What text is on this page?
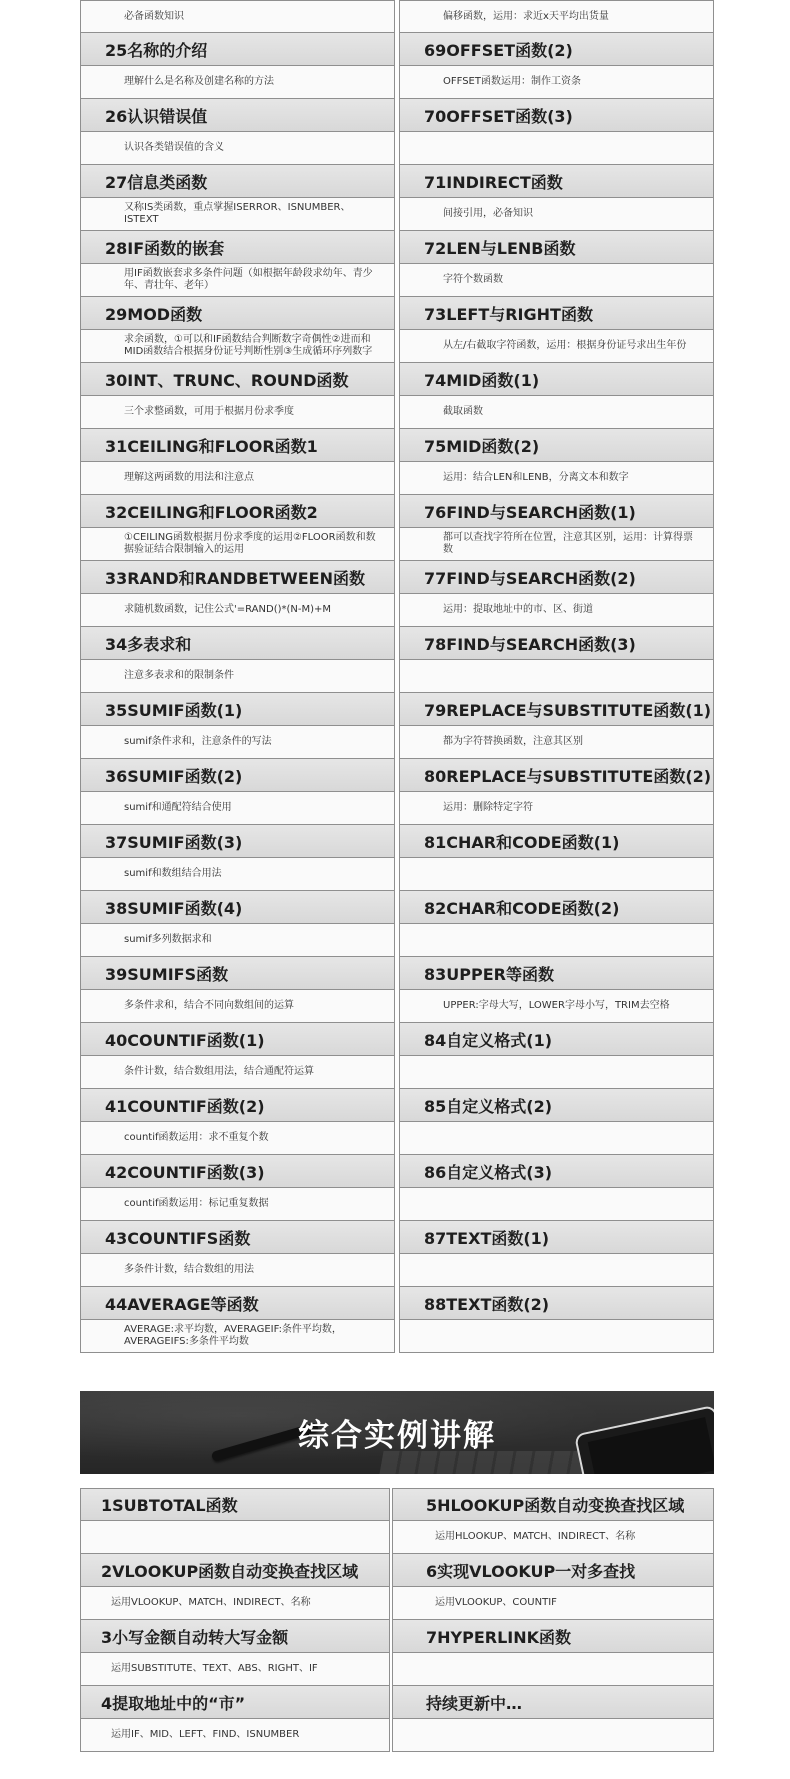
必备函数知识
25名称的介绍
理解什么是名称及创建名称的方法
26认识错误值
认识各类错误值的含义
27信息类函数
又称IS类函数，重点掌握ISERROR、ISNUMBER、ISTEXT
28IF函数的嵌套
用IF函数嵌套求多条件问题（如根据年龄段求幼年、青少年、青壮年、老年）
29MOD函数
求余函数，①可以和IF函数结合判断数字奇偶性②进而和MID函数结合根据身份证号判断性别③生成循环序列数字
30INT、TRUNC、ROUND函数
三个求整函数，可用于根据月份求季度
31CEILING和FLOOR函数1
理解这两函数的用法和注意点
32CEILING和FLOOR函数2
①CEILING函数根据月份求季度的运用②FLOOR函数和数据验证结合限制输入的运用
33RAND和RANDBETWEEN函数
求随机数函数，记住公式'=RAND()*(N-M)+M
34多表求和
注意多表求和的限制条件
35SUMIF函数(1)
sumif条件求和，注意条件的写法
36SUMIF函数(2)
sumif和通配符结合使用
37SUMIF函数(3)
sumif和数组结合用法
38SUMIF函数(4)
sumif多列数据求和
39SUMIFS函数
多条件求和，结合不同向数组间的运算
40COUNTIF函数(1)
条件计数，结合数组用法，结合通配符运算
41COUNTIF函数(2)
countif函数运用：求不重复个数
42COUNTIF函数(3)
countif函数运用：标记重复数据
43COUNTIFS函数
多条件计数，结合数组的用法
44AVERAGE等函数
AVERAGE:求平均数，AVERAGEIF:条件平均数，AVERAGEIFS:多条件平均数
偏移函数，运用：求近x天平均出货量
69OFFSET函数(2)
OFFSET函数运用：制作工资条
70OFFSET函数(3)
71INDIRECT函数
间接引用，必备知识
72LEN与LENB函数
字符个数函数
73LEFT与RIGHT函数
从左/右截取字符函数，运用：根据身份证号求出生年份
74MID函数(1)
截取函数
75MID函数(2)
运用：结合LEN和LENB，分离文本和数字
76FIND与SEARCH函数(1)
都可以查找字符所在位置，注意其区别，运用：计算得票数
77FIND与SEARCH函数(2)
运用：提取地址中的市、区、街道
78FIND与SEARCH函数(3)
79REPLACE与SUBSTITUTE函数(1)
都为字符替换函数，注意其区别
80REPLACE与SUBSTITUTE函数(2)
运用：删除特定字符
81CHAR和CODE函数(1)
82CHAR和CODE函数(2)
83UPPER等函数
UPPER:字母大写，LOWER字母小写，TRIM去空格
84自定义格式(1)
85自定义格式(2)
86自定义格式(3)
87TEXT函数(1)
88TEXT函数(2)
综合实例讲解
1SUBTOTAL函数
2VLOOKUP函数自动变换查找区域
运用VLOOKUP、MATCH、INDIRECT、名称
3小写金额自动转大写金额
运用SUBSTITUTE、TEXT、ABS、RIGHT、IF
4提取地址中的“市”
运用IF、MID、LEFT、FIND、ISNUMBER
5HLOOKUP函数自动变换查找区域
运用HLOOKUP、MATCH、INDIRECT、名称
6实现VLOOKUP一对多查找
运用VLOOKUP、COUNTIF
7HYPERLINK函数
持续更新中…
